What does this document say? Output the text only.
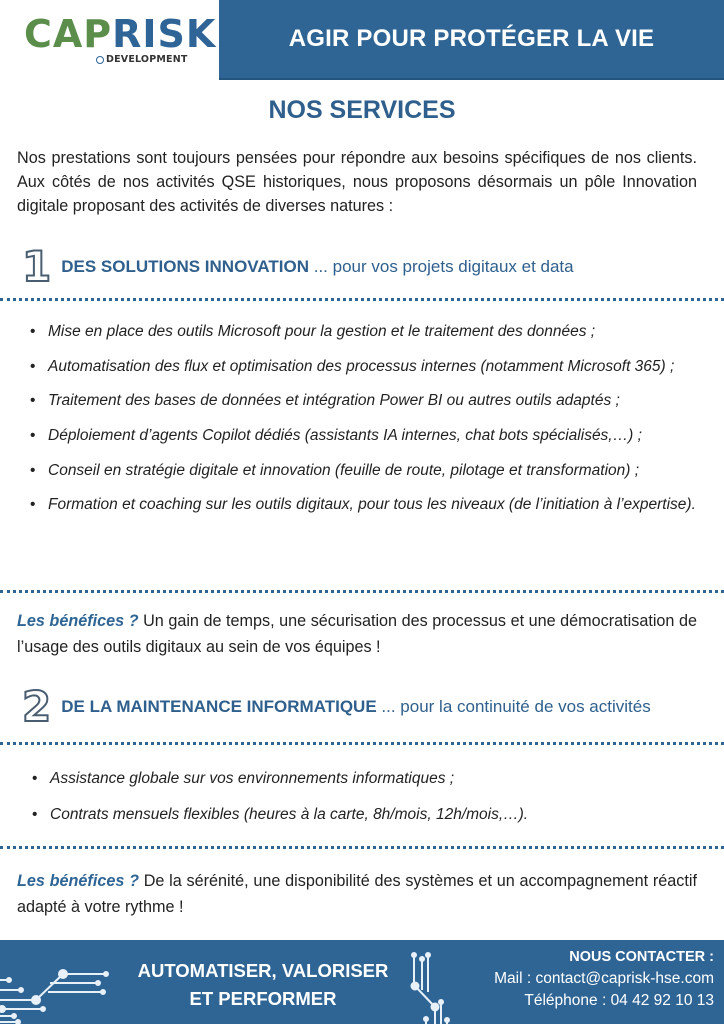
CAPRISK
DEVELOPMENT
AGIR POUR PROTÉGER LA VIE
NOS SERVICES

Nos prestations sont toujours pensées pour répondre aux besoins spécifiques de nos clients. Aux côtés de nos activités QSE historiques, nous proposons désormais un pôle Innovation digitale proposant des activités de diverses natures :

1 DES SOLUTIONS INNOVATION ... pour vos projets digitaux et data
• Mise en place des outils Microsoft pour la gestion et le traitement des données ;
• Automatisation des flux et optimisation des processus internes (notamment Microsoft 365) ;
• Traitement des bases de données et intégration Power BI ou autres outils adaptés ;
• Déploiement d’agents Copilot dédiés (assistants IA internes, chat bots spécialisés,…) ;
• Conseil en stratégie digitale et innovation (feuille de route, pilotage et transformation) ;
• Formation et coaching sur les outils digitaux, pour tous les niveaux (de l’initiation à l’expertise).

Les bénéfices ? Un gain de temps, une sécurisation des processus et une démocratisation de l’usage des outils digitaux au sein de vos équipes !

2 DE LA MAINTENANCE INFORMATIQUE ... pour la continuité de vos activités
• Assistance globale sur vos environnements informatiques ;
• Contrats mensuels flexibles (heures à la carte, 8h/mois, 12h/mois,…).

Les bénéfices ? De la sérénité, une disponibilité des systèmes et un accompagnement réactif adapté à votre rythme !

AUTOMATISER, VALORISER
ET PERFORMER
NOUS CONTACTER :
Mail : contact@caprisk-hse.com
Téléphone : 04 42 92 10 13
